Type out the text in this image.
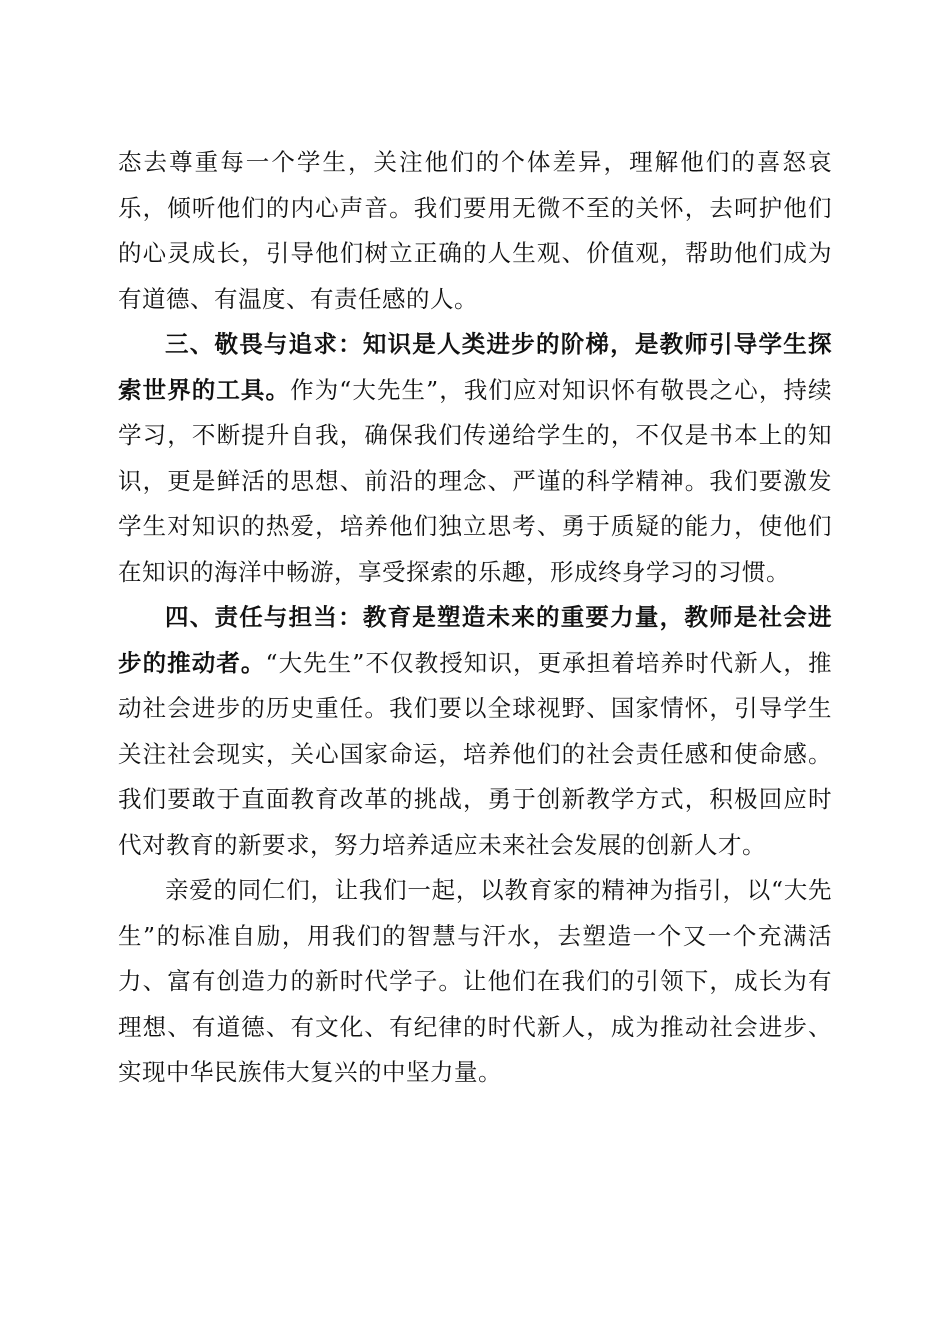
态去尊重每一个学生，关注他们的个体差异，理解他们的喜怒哀乐，倾听他们的内心声音。我们要用无微不至的关怀，去呵护他们的心灵成长，引导他们树立正确的人生观、价值观，帮助他们成为有道德、有温度、有责任感的人。

三、敬畏与追求：知识是人类进步的阶梯，是教师引导学生探索世界的工具。作为“大先生”，我们应对知识怀有敬畏之心，持续学习，不断提升自我，确保我们传递给学生的，不仅是书本上的知识，更是鲜活的思想、前沿的理念、严谨的科学精神。我们要激发学生对知识的热爱，培养他们独立思考、勇于质疑的能力，使他们在知识的海洋中畅游，享受探索的乐趣，形成终身学习的习惯。

四、责任与担当：教育是塑造未来的重要力量，教师是社会进步的推动者。“大先生”不仅教授知识，更承担着培养时代新人，推动社会进步的历史重任。我们要以全球视野、国家情怀，引导学生关注社会现实，关心国家命运，培养他们的社会责任感和使命感。我们要敢于直面教育改革的挑战，勇于创新教学方式，积极回应时代对教育的新要求，努力培养适应未来社会发展的创新人才。

亲爱的同仁们，让我们一起，以教育家的精神为指引，以“大先生”的标准自励，用我们的智慧与汗水，去塑造一个又一个充满活力、富有创造力的新时代学子。让他们在我们的引领下，成长为有理想、有道德、有文化、有纪律的时代新人，成为推动社会进步、实现中华民族伟大复兴的中坚力量。
